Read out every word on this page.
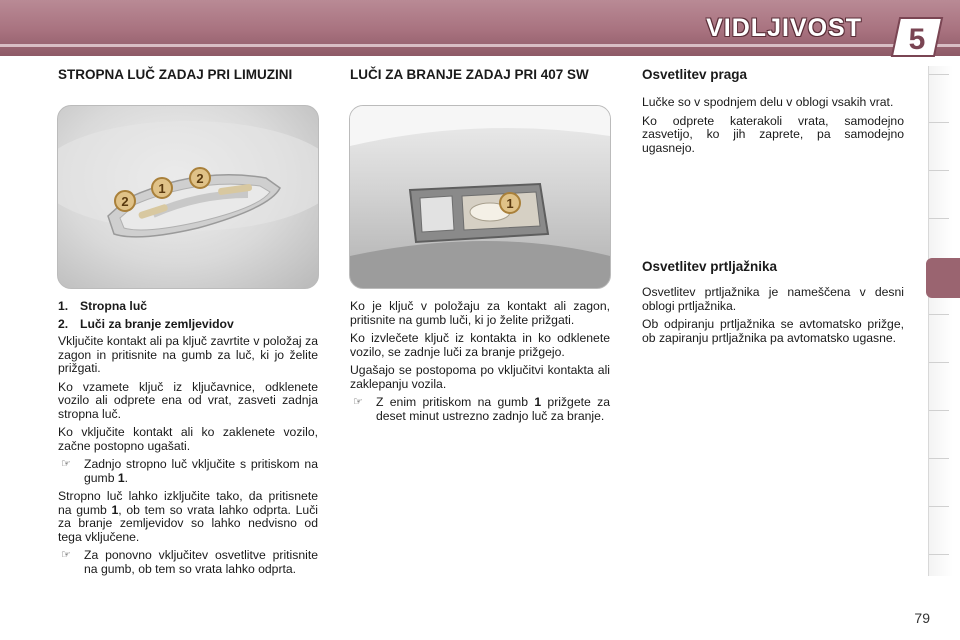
VIDLJIVOST 5
STROPNA LUČ ZADAJ PRI LIMUZINI
2
1
2
1. Stropna luč
2. Luči za branje zemljevidov

Vključite kontakt ali pa ključ zavrtite v položaj za zagon in pritisnite na gumb za luč, ki jo želite prižgati.

Ko vzamete ključ iz ključavnice, odklenete vozilo ali odprete ena od vrat, zasveti zadnja stropna luč.

Ko vključite kontakt ali ko zaklenete vozilo, začne postopno ugašati.

☞ Zadnjo stropno luč vključite s pritiskom na gumb 1.

Stropno luč lahko izključite tako, da pritisnete na gumb 1, ob tem so vrata lahko odprta. Luči za branje zemljevidov so lahko nedvisno od tega vključene.

☞ Za ponovno vključitev osvetlitve pritisnite na gumb, ob tem so vrata lahko odprta.
LUČI ZA BRANJE ZADAJ PRI 407 SW
1

Ko je ključ v položaju za kontakt ali zagon, pritisnite na gumb luči, ki jo želite prižgati.

Ko izvlečete ključ iz kontakta in ko odklenete vozilo, se zadnje luči za branje prižgejo.

Ugašajo se postopoma po vključitvi kontakta ali zaklepanju vozila.

☞ Z enim pritiskom na gumb 1 prižgete za deset minut ustrezno zadnjo luč za branje.
Osvetlitev praga

Lučke so v spodnjem delu v oblogi vsakih vrat.

Ko odprete katerakoli vrata, samodejno zasvetijo, ko jih zaprete, pa samodejno ugasnejo.

Osvetlitev prtljažnika

Osvetlitev prtljažnika je nameščena v desni oblogi prtljažnika.

Ob odpiranju prtljažnika se avtomatsko prižge, ob zapiranju prtljažnika pa avtomatsko ugasne.

79
